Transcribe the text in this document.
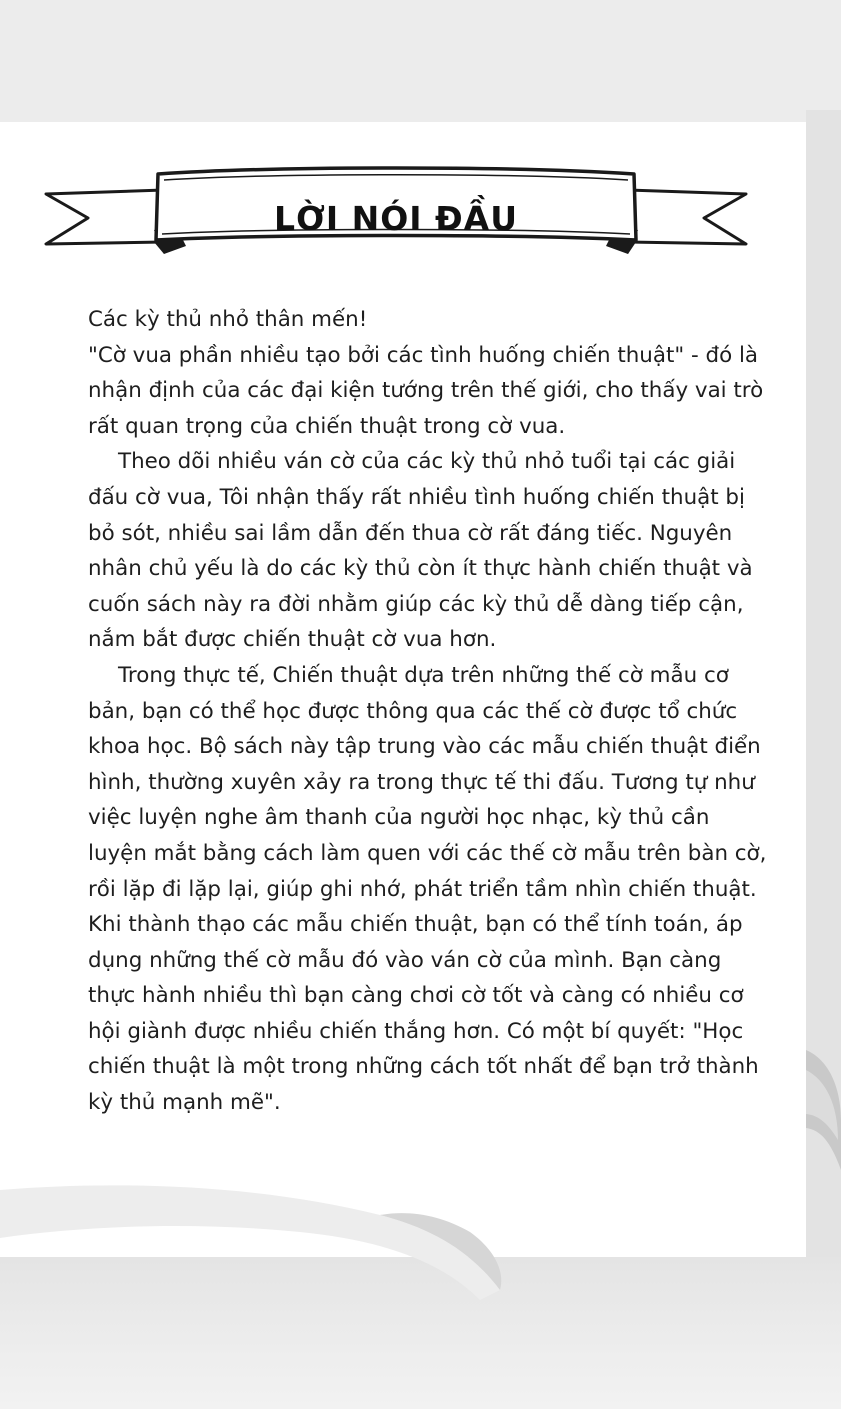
LỜI NÓI ĐẦU

Các kỳ thủ nhỏ thân mến!

"Cờ vua phần nhiều tạo bởi các tình huống chiến thuật" - đó là nhận định của các đại kiện tướng trên thế giới, cho thấy vai trò rất quan trọng của chiến thuật trong cờ vua.

Theo dõi nhiều ván cờ của các kỳ thủ nhỏ tuổi tại các giải đấu cờ vua, Tôi nhận thấy rất nhiều tình huống chiến thuật bị bỏ sót, nhiều sai lầm dẫn đến thua cờ rất đáng tiếc. Nguyên nhân chủ yếu là do các kỳ thủ còn ít thực hành chiến thuật và cuốn sách này ra đời nhằm giúp các kỳ thủ dễ dàng tiếp cận, nắm bắt được chiến thuật cờ vua hơn.

Trong thực tế, Chiến thuật dựa trên những thế cờ mẫu cơ bản, bạn có thể học được thông qua các thế cờ được tổ chức khoa học. Bộ sách này tập trung vào các mẫu chiến thuật điển hình, thường xuyên xảy ra trong thực tế thi đấu. Tương tự như việc luyện nghe âm thanh của người học nhạc, kỳ thủ cần luyện mắt bằng cách làm quen với các thế cờ mẫu trên bàn cờ, rồi lặp đi lặp lại, giúp ghi nhớ, phát triển tầm nhìn chiến thuật. Khi thành thạo các mẫu chiến thuật, bạn có thể tính toán, áp dụng những thế cờ mẫu đó vào ván cờ của mình. Bạn càng thực hành nhiều thì bạn càng chơi cờ tốt và càng có nhiều cơ hội giành được nhiều chiến thắng hơn. Có một bí quyết: "Học chiến thuật là một trong những cách tốt nhất để bạn trở thành kỳ thủ mạnh mẽ".
